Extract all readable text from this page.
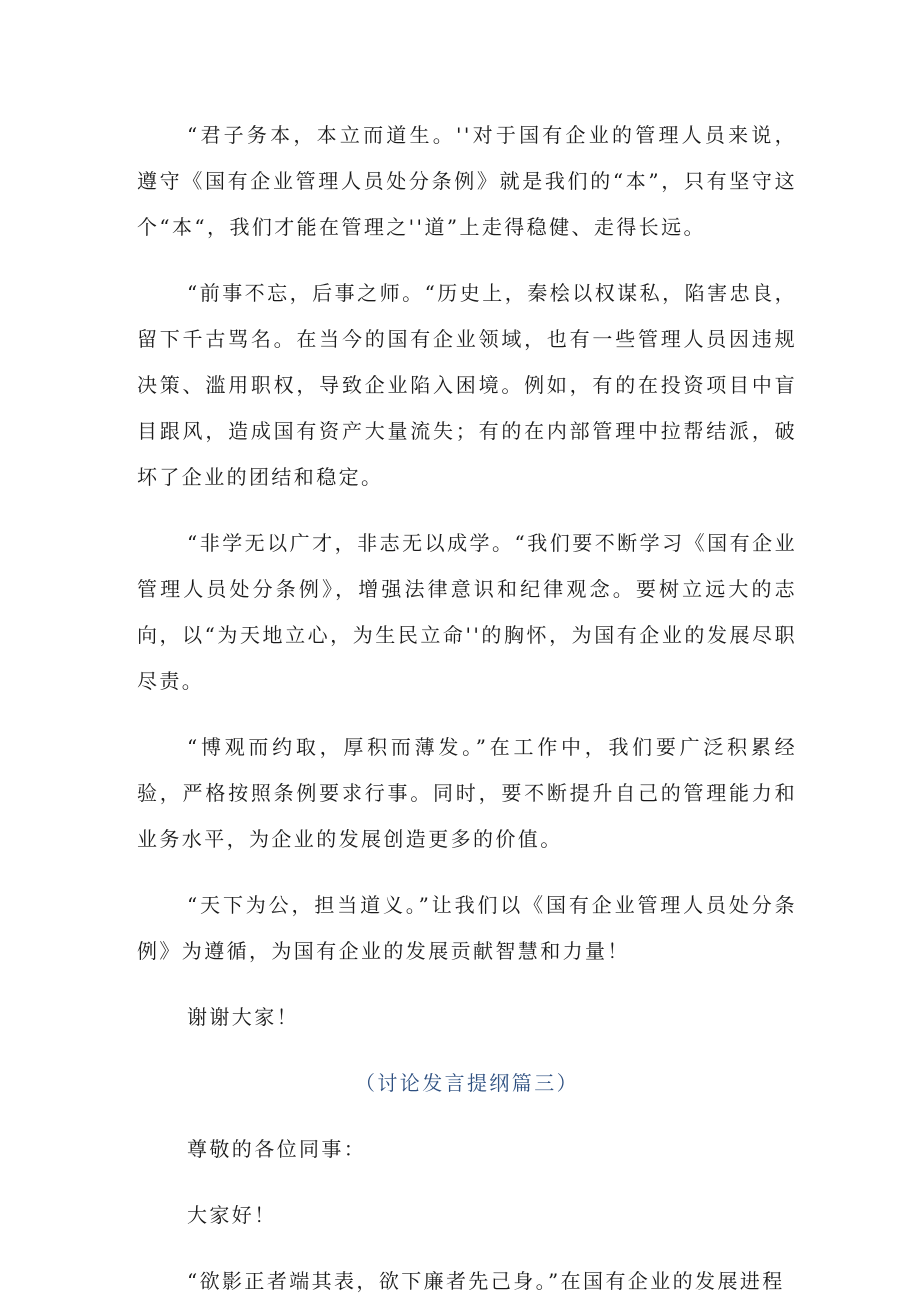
“君子务本，本立而道生。''对于国有企业的管理人员来说，遵守《国有企业管理人员处分条例》就是我们的“本”，只有坚守这个“本“，我们才能在管理之''道”上走得稳健、走得长远。

“前事不忘，后事之师。“历史上，秦桧以权谋私，陷害忠良，留下千古骂名。在当今的国有企业领域，也有一些管理人员因违规决策、滥用职权，导致企业陷入困境。例如，有的在投资项目中盲目跟风，造成国有资产大量流失；有的在内部管理中拉帮结派，破坏了企业的团结和稳定。

“非学无以广才，非志无以成学。“我们要不断学习《国有企业管理人员处分条例》，增强法律意识和纪律观念。要树立远大的志向，以“为天地立心，为生民立命''的胸怀，为国有企业的发展尽职尽责。

“博观而约取，厚积而薄发。”在工作中，我们要广泛积累经验，严格按照条例要求行事。同时，要不断提升自己的管理能力和业务水平，为企业的发展创造更多的价值。

“天下为公，担当道义。”让我们以《国有企业管理人员处分条例》为遵循，为国有企业的发展贡献智慧和力量！

谢谢大家！

（讨论发言提纲篇三）

尊敬的各位同事：

大家好！

“欲影正者端其表，欲下廉者先己身。”在国有企业的发展进程
